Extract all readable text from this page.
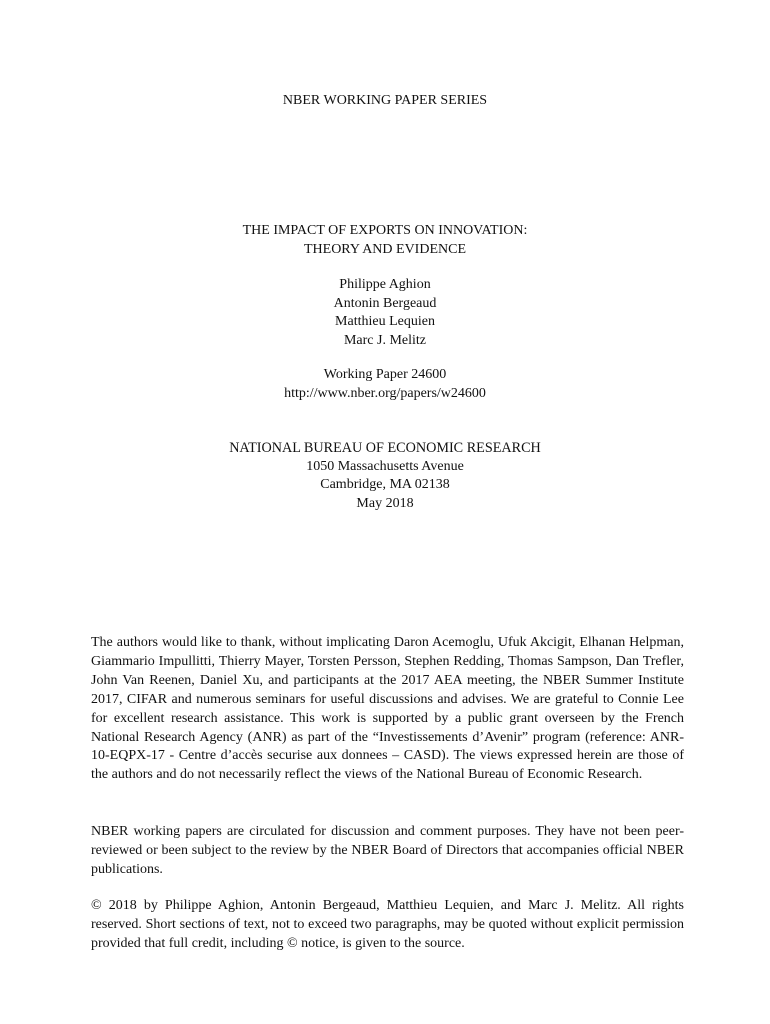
NBER WORKING PAPER SERIES
THE IMPACT OF EXPORTS ON INNOVATION:
THEORY AND EVIDENCE
Philippe Aghion
Antonin Bergeaud
Matthieu Lequien
Marc J. Melitz
Working Paper 24600
http://www.nber.org/papers/w24600
NATIONAL BUREAU OF ECONOMIC RESEARCH
1050 Massachusetts Avenue
Cambridge, MA 02138
May 2018

The authors would like to thank, without implicating Daron Acemoglu, Ufuk Akcigit, Elhanan Helpman, Giammario Impullitti, Thierry Mayer, Torsten Persson, Stephen Redding, Thomas Sampson, Dan Trefler, John Van Reenen, Daniel Xu, and participants at the 2017 AEA meeting, the NBER Summer Institute 2017, CIFAR and numerous seminars for useful discussions and advises. We are grateful to Connie Lee for excellent research assistance. This work is supported by a public grant overseen by the French National Research Agency (ANR) as part of the “Investissements d’Avenir” program (reference: ANR-10-EQPX-17 - Centre d’accès securise aux donnees – CASD). The views expressed herein are those of the authors and do not necessarily reflect the views of the National Bureau of Economic Research.

NBER working papers are circulated for discussion and comment purposes. They have not been peer-reviewed or been subject to the review by the NBER Board of Directors that accompanies official NBER publications.

© 2018 by Philippe Aghion, Antonin Bergeaud, Matthieu Lequien, and Marc J. Melitz. All rights reserved. Short sections of text, not to exceed two paragraphs, may be quoted without explicit permission provided that full credit, including © notice, is given to the source.
